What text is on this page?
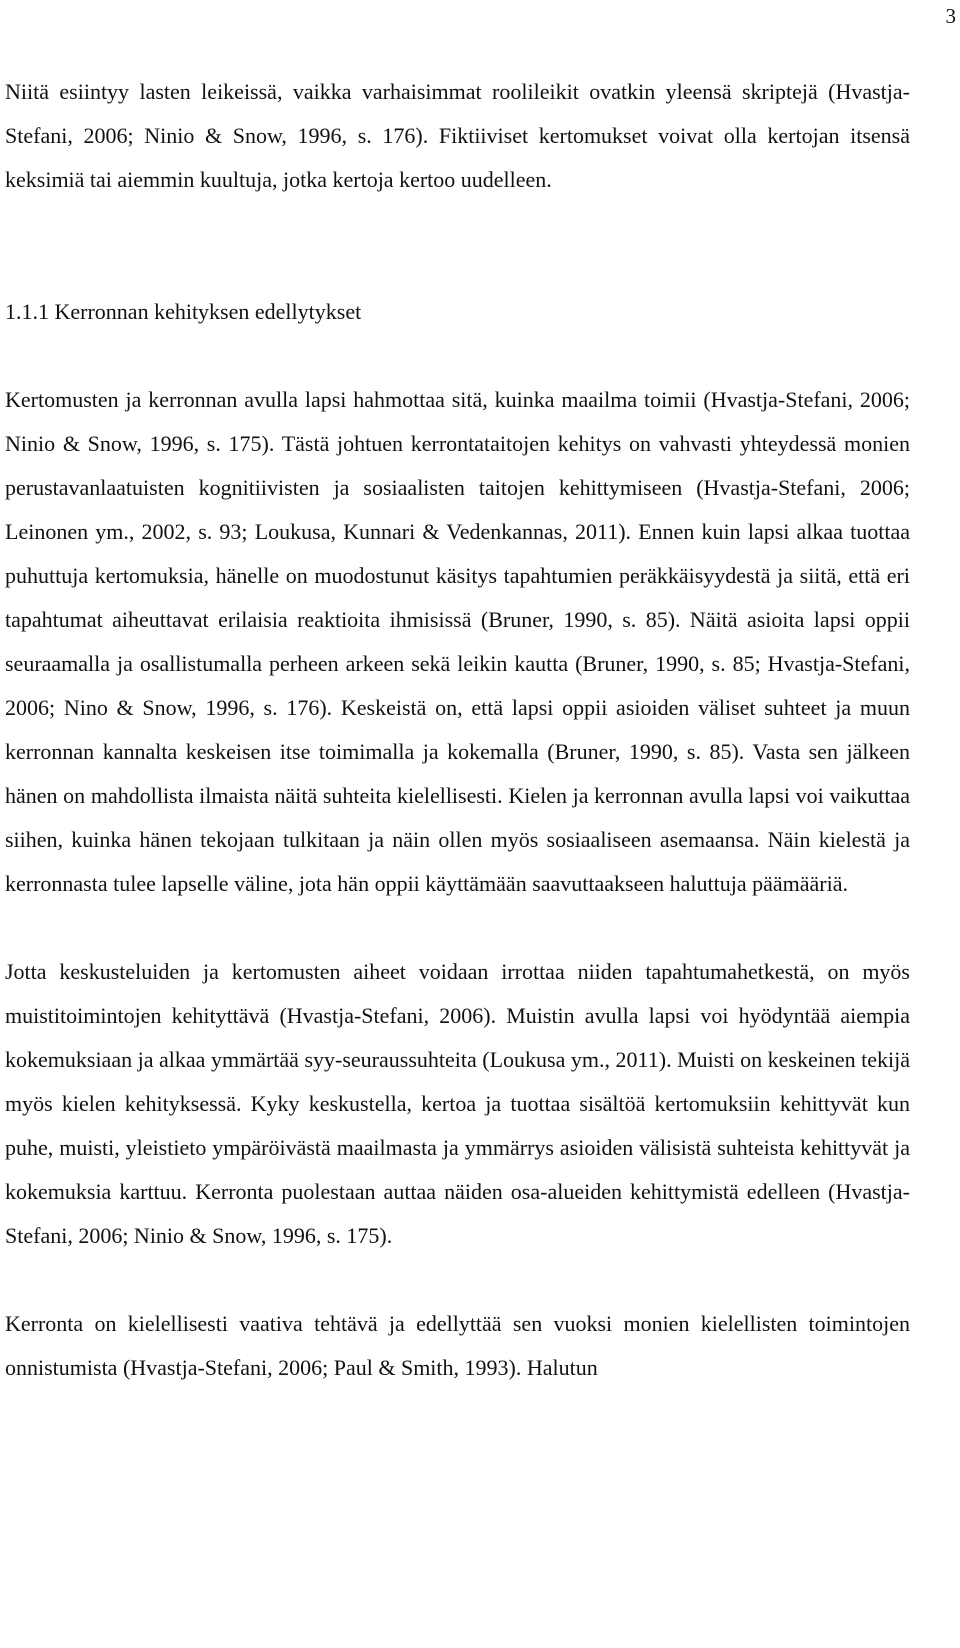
3

Niitä esiintyy lasten leikeissä, vaikka varhaisimmat roolileikit ovatkin yleensä skriptejä (Hvastja-Stefani, 2006; Ninio & Snow, 1996, s. 176). Fiktiiviset kertomukset voivat olla kertojan itsensä keksimiä tai aiemmin kuultuja, jotka kertoja kertoo uudelleen.

1.1.1 Kerronnan kehityksen edellytykset

Kertomusten ja kerronnan avulla lapsi hahmottaa sitä, kuinka maailma toimii (Hvastja-Stefani, 2006; Ninio & Snow, 1996, s. 175). Tästä johtuen kerrontataitojen kehitys on vahvasti yhteydessä monien perustavanlaatuisten kognitiivisten ja sosiaalisten taitojen kehittymiseen (Hvastja-Stefani, 2006; Leinonen ym., 2002, s. 93; Loukusa, Kunnari & Vedenkannas, 2011). Ennen kuin lapsi alkaa tuottaa puhuttuja kertomuksia, hänelle on muodostunut käsitys tapahtumien peräkkäisyydestä ja siitä, että eri tapahtumat aiheuttavat erilaisia reaktioita ihmisissä (Bruner, 1990, s. 85). Näitä asioita lapsi oppii seuraamalla ja osallistumalla perheen arkeen sekä leikin kautta (Bruner, 1990, s. 85; Hvastja-Stefani, 2006; Nino & Snow, 1996, s. 176). Keskeistä on, että lapsi oppii asioiden väliset suhteet ja muun kerronnan kannalta keskeisen itse toimimalla ja kokemalla (Bruner, 1990, s. 85). Vasta sen jälkeen hänen on mahdollista ilmaista näitä suhteita kielellisesti. Kielen ja kerronnan avulla lapsi voi vaikuttaa siihen, kuinka hänen tekojaan tulkitaan ja näin ollen myös sosiaaliseen asemaansa. Näin kielestä ja kerronnasta tulee lapselle väline, jota hän oppii käyttämään saavuttaakseen haluttuja päämääriä.

Jotta keskusteluiden ja kertomusten aiheet voidaan irrottaa niiden tapahtumahetkestä, on myös muistitoimintojen kehityttävä (Hvastja-Stefani, 2006). Muistin avulla lapsi voi hyödyntää aiempia kokemuksiaan ja alkaa ymmärtää syy-seuraussuhteita (Loukusa ym., 2011). Muisti on keskeinen tekijä myös kielen kehityksessä. Kyky keskustella, kertoa ja tuottaa sisältöä kertomuksiin kehittyvät kun puhe, muisti, yleistieto ympäröivästä maailmasta ja ymmärrys asioiden välisistä suhteista kehittyvät ja kokemuksia karttuu. Kerronta puolestaan auttaa näiden osa-alueiden kehittymistä edelleen (Hvastja-Stefani, 2006; Ninio & Snow, 1996, s. 175).

Kerronta on kielellisesti vaativa tehtävä ja edellyttää sen vuoksi monien kielellisten toimintojen onnistumista (Hvastja-Stefani, 2006; Paul & Smith, 1993). Halutun
